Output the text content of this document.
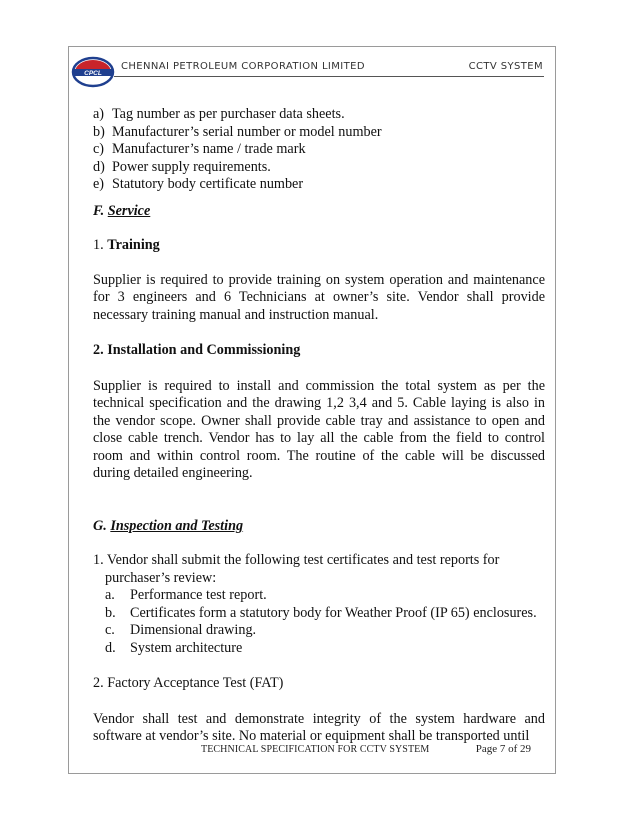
CPCL
CHENNAI PETROLEUM CORPORATION LIMITED	CCTV SYSTEM
a) Tag number as per purchaser data sheets.
b) Manufacturer’s serial number or model number
c) Manufacturer’s name / trade mark
d) Power supply requirements.
e) Statutory body certificate number

F. Service

1. Training

Supplier is required to provide training on system operation and maintenance for 3 engineers and 6 Technicians at owner’s site. Vendor shall provide necessary training manual and instruction manual.

2. Installation and Commissioning

Supplier is required to install and commission the total system as per the technical specification and the drawing 1,2 3,4 and 5. Cable laying is also in the vendor scope. Owner shall provide cable tray and assistance to open and close cable trench. Vendor has to lay all the cable from the field to control room and within control room. The routine of the cable will be discussed during detailed engineering.

G. Inspection and Testing

1. Vendor shall submit the following test certificates and test reports for

purchaser’s review:

a.	Performance test report.
b.	Certificates form a statutory body for Weather Proof (IP 65) enclosures.
c.	Dimensional drawing.
d.	System architecture

2. Factory Acceptance Test (FAT)

Vendor shall test and demonstrate integrity of the system hardware and software at vendor’s site. No material or equipment shall be transported until

TECHNICAL SPECIFICATION FOR CCTV SYSTEM	Page 7 of 29
